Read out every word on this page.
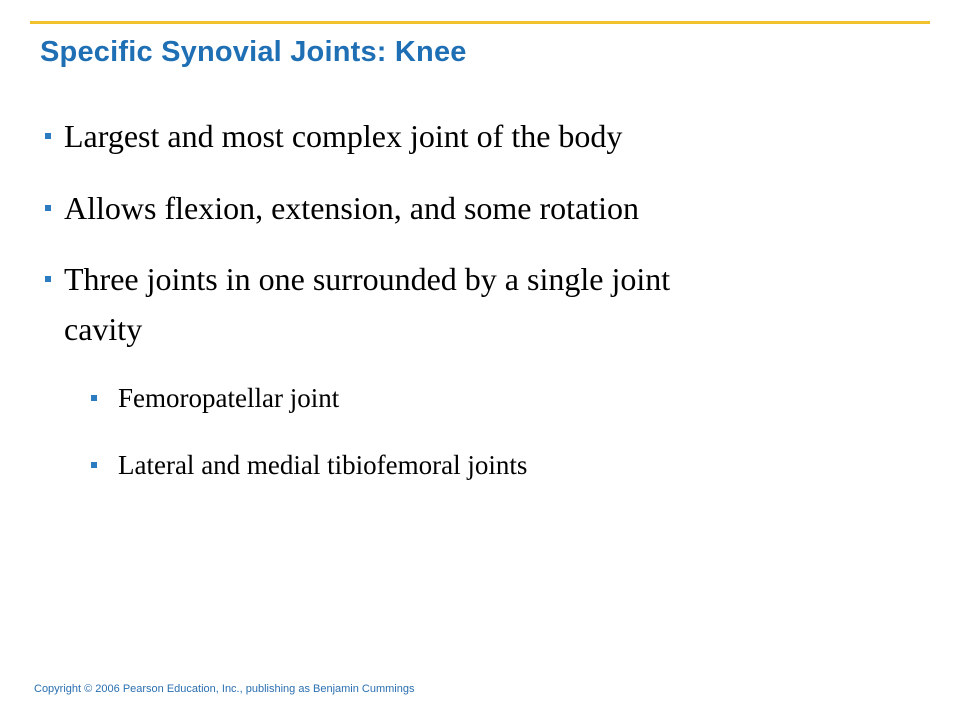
Specific Synovial Joints: Knee
Largest and most complex joint of the body
Allows flexion, extension, and some rotation
Three joints in one surrounded by a single joint
cavity
Femoropatellar joint
Lateral and medial tibiofemoral joints
Copyright © 2006 Pearson Education, Inc., publishing as Benjamin Cummings
